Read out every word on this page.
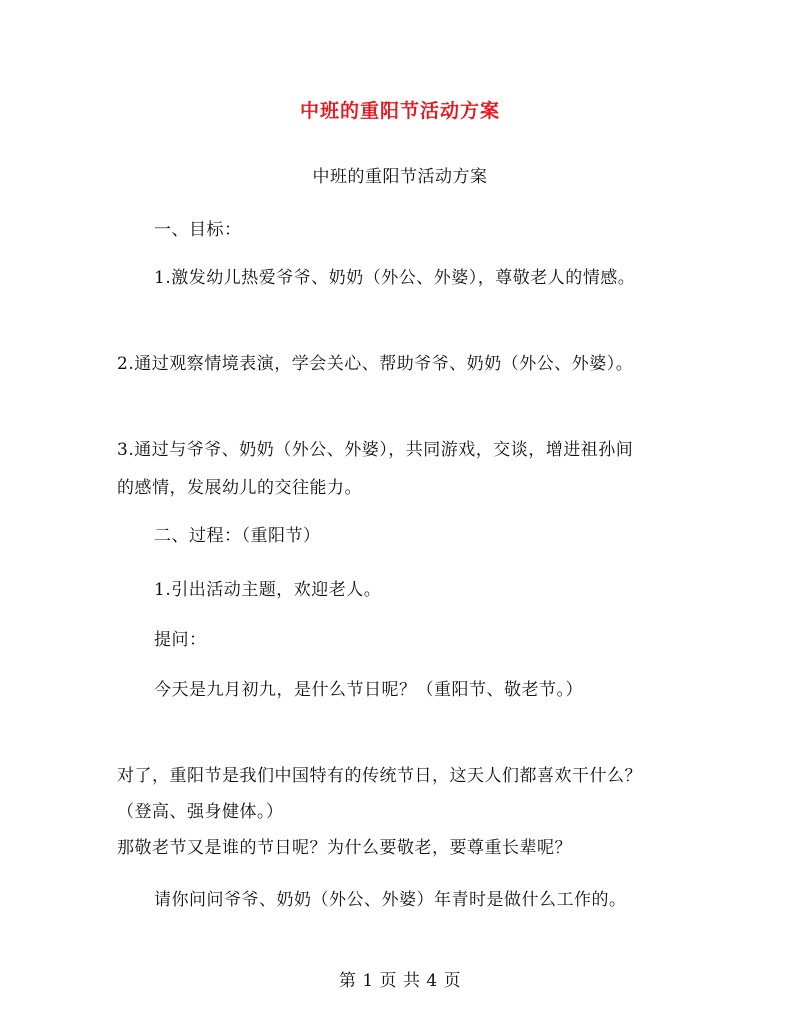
中班的重阳节活动方案
中班的重阳节活动方案
一、目标：
1.激发幼儿热爱爷爷、奶奶（外公、外婆），尊敬老人的情感。
2.通过观察情境表演，学会关心、帮助爷爷、奶奶（外公、外婆）。
3.通过与爷爷、奶奶（外公、外婆），共同游戏，交谈，增进祖孙间
的感情，发展幼儿的交往能力。
二、过程：（重阳节）
1.引出活动主题，欢迎老人。
提问：
今天是九月初九，是什么节日呢？（重阳节、敬老节。）
对了，重阳节是我们中国特有的传统节日，这天人们都喜欢干什么？
（登高、强身健体。）
那敬老节又是谁的节日呢？为什么要敬老，要尊重长辈呢？
请你问问爷爷、奶奶（外公、外婆）年青时是做什么工作的。
第 1 页 共 4 页
